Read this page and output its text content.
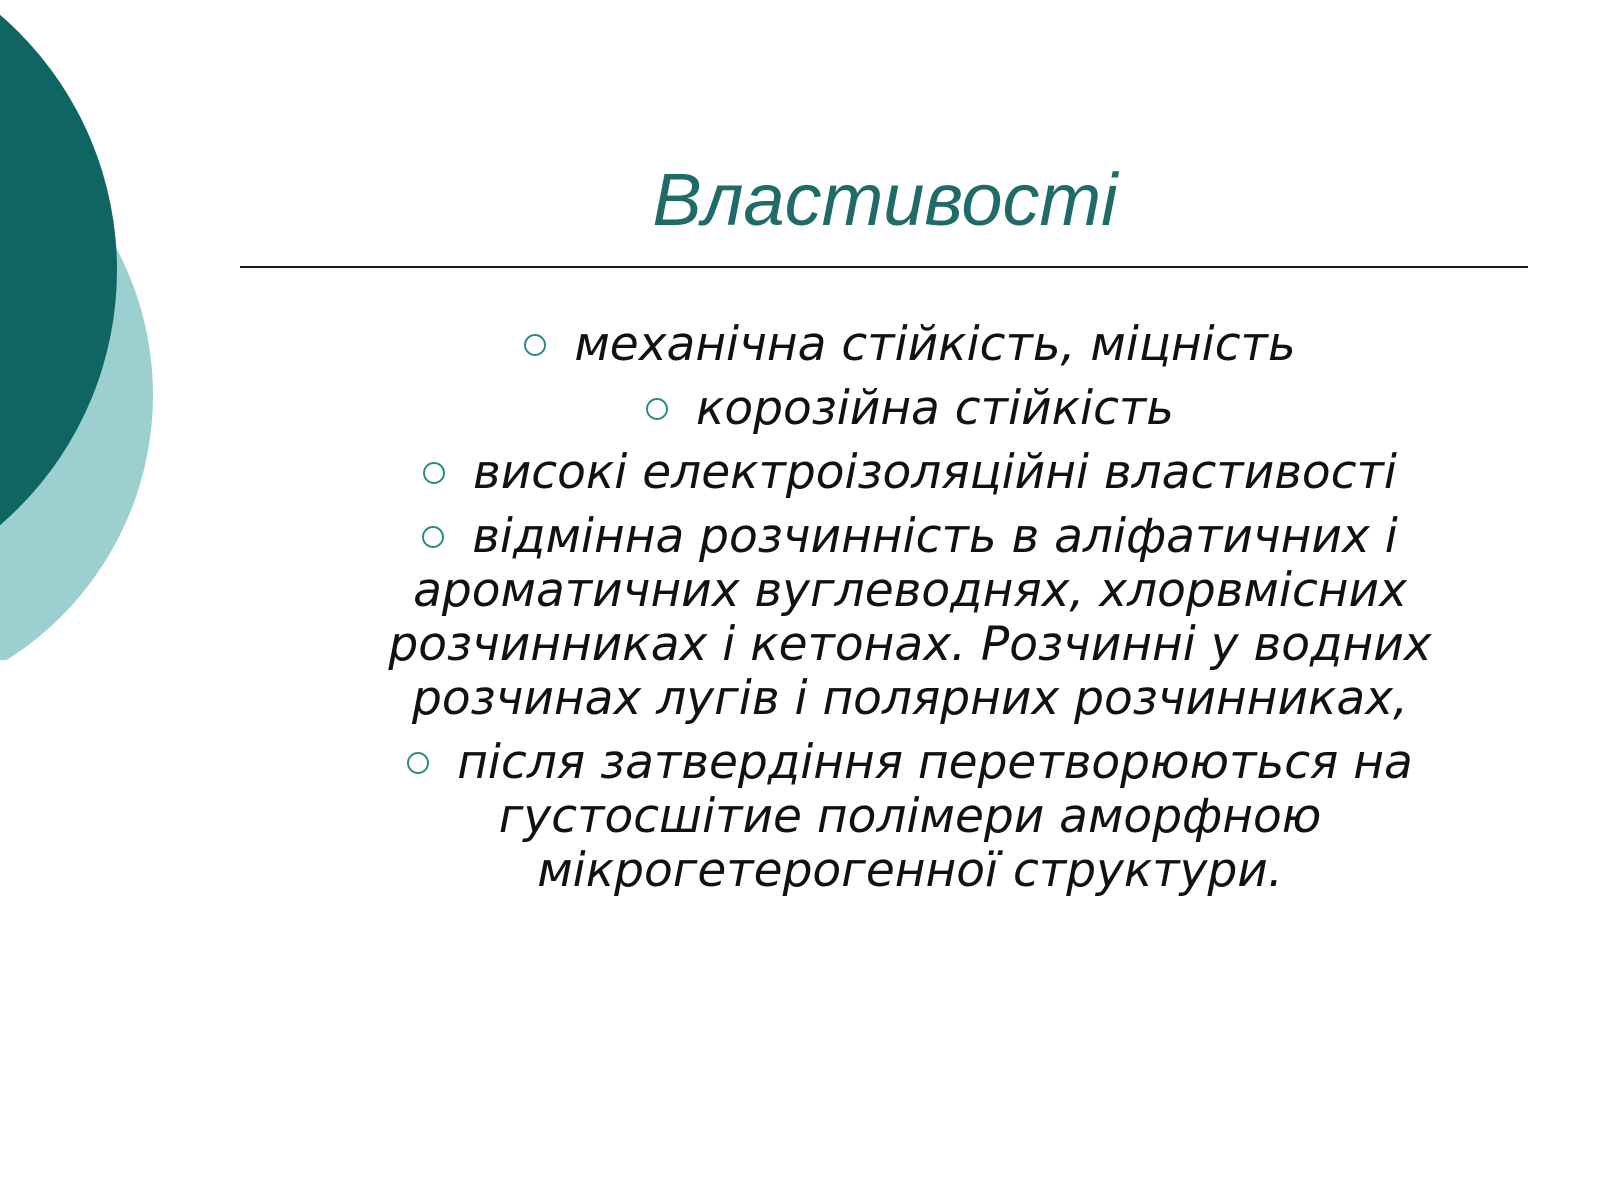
Властивості
механічна стійкість, міцність
корозійна стійкість
високі електроізоляційні властивості
відмінна розчинність в аліфатичних і ароматичних вуглеводнях, хлорвмісних розчинниках і кетонах. Розчинні у водних розчинах лугів і полярних розчинниках,
після затвердіння перетворюються на густосшітие полімери аморфною мікрогетерогенної структури.
